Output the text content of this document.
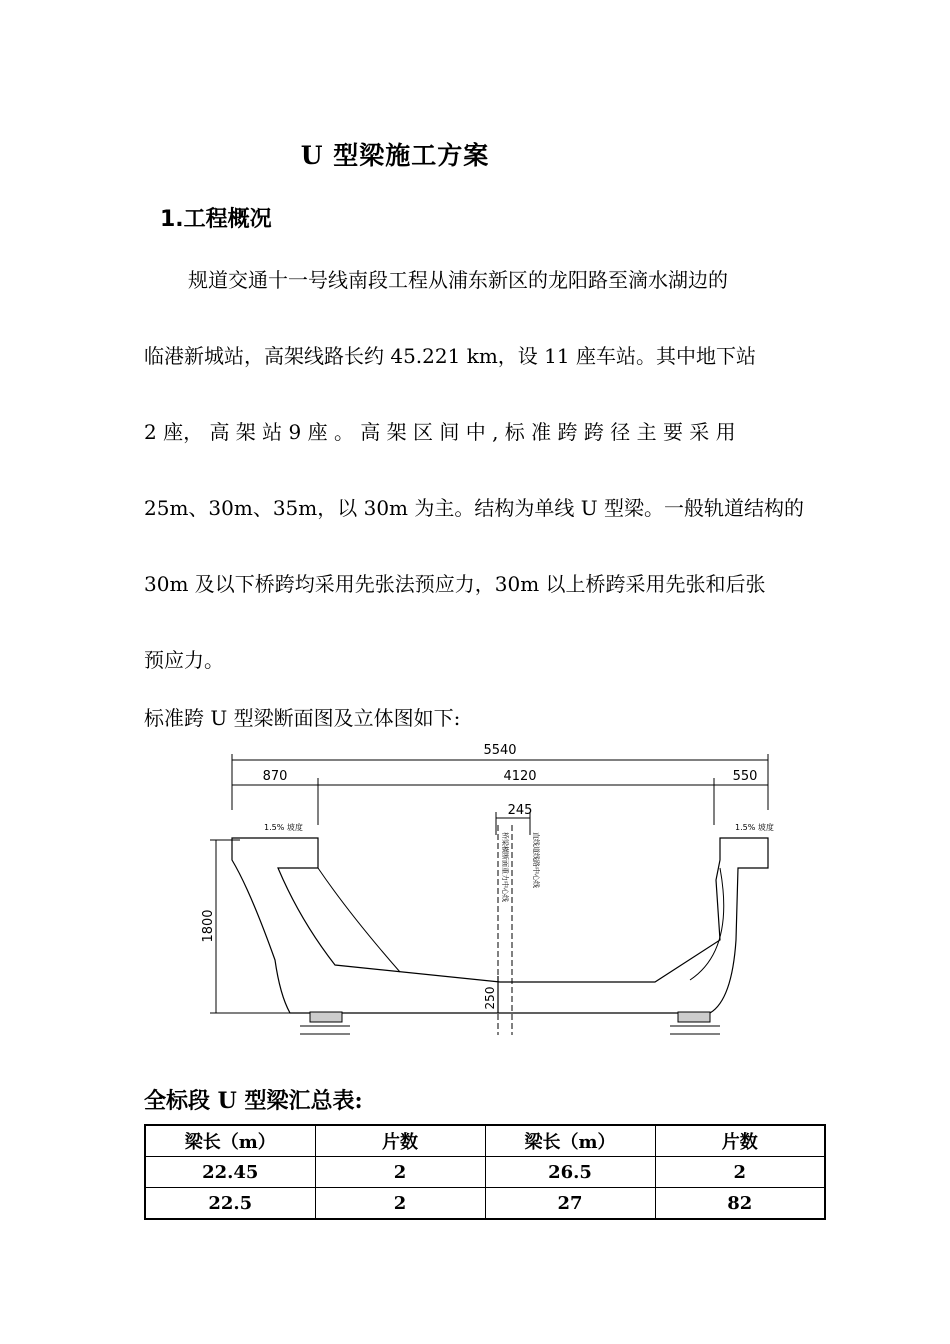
U 型梁施工方案
1.工程概况

规道交通十一号线南段工程从浦东新区的龙阳路至滴水湖边的

临港新城站，高架线路长约 45.221 km，设 11 座车站。其中地下站

2 座， 高 架 站 9 座 。 高 架 区 间 中 , 标 准 跨 跨 径 主 要 采 用

25m、30m、35m，以 30m 为主。结构为单线 U 型梁。一般轨道结构的

30m 及以下桥跨均采用先张法预应力，30m 以上桥跨采用先张和后张

预应力。

标准跨 U 型梁断面图及立体图如下:
5540
870	4120	550
245
1800
250
1.5% 坡度	1.5% 坡度
桥梁横断面重力中心线	直线道线路中心线
全标段 U 型梁汇总表:
梁长（m）	片数	梁长（m）	片数
22.45	2	26.5	2
22.5	2	27	82
